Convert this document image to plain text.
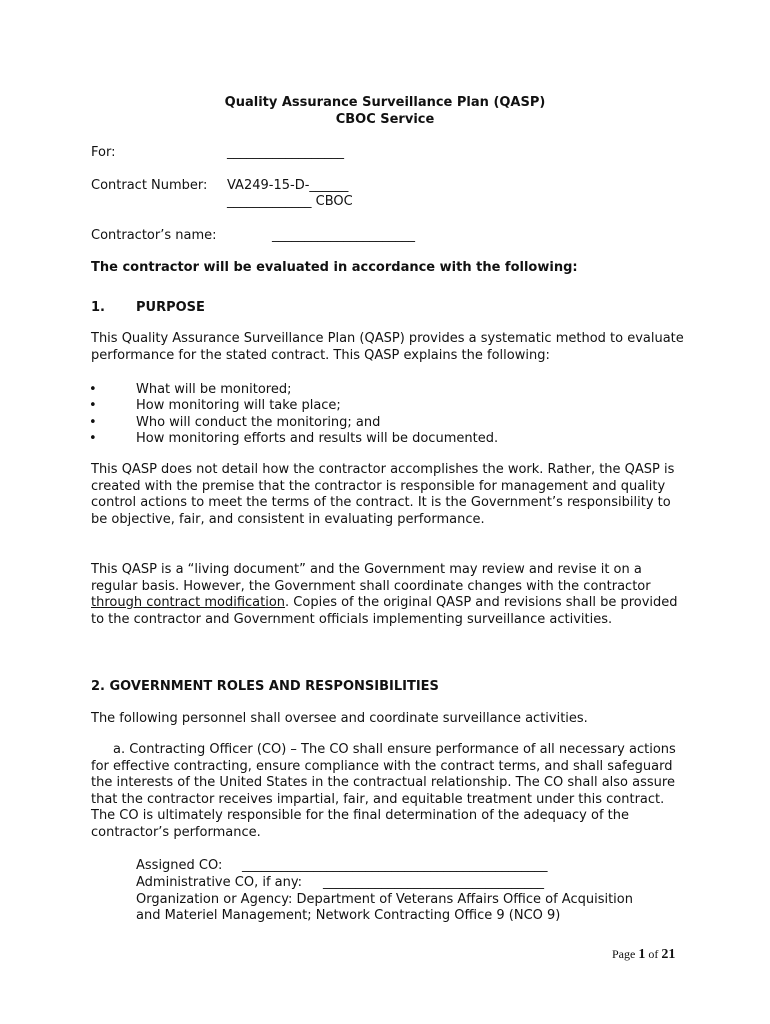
Quality Assurance Surveillance Plan (QASP)
CBOC Service
For:	__________________
Contract Number: VA249-15-D-______
_____________ CBOC
Contractor’s name:	______________________
The contractor will be evaluated in accordance with the following:
1. PURPOSE

This Quality Assurance Surveillance Plan (QASP) provides a systematic method to evaluate performance for the stated contract. This QASP explains the following:

•	What will be monitored;
•	How monitoring will take place;
•	Who will conduct the monitoring; and
•	How monitoring efforts and results will be documented.

This QASP does not detail how the contractor accomplishes the work. Rather, the QASP is created with the premise that the contractor is responsible for management and quality control actions to meet the terms of the contract. It is the Government’s responsibility to be objective, fair, and consistent in evaluating performance.

This QASP is a “living document” and the Government may review and revise it on a regular basis. However, the Government shall coordinate changes with the contractor through contract modification. Copies of the original QASP and revisions shall be provided to the contractor and Government officials implementing surveillance activities.

2. GOVERNMENT ROLES AND RESPONSIBILITIES
The following personnel shall oversee and coordinate surveillance activities.

a. Contracting Officer (CO) – The CO shall ensure performance of all necessary actions for effective contracting, ensure compliance with the contract terms, and shall safeguard the interests of the United States in the contractual relationship. The CO shall also assure that the contractor receives impartial, fair, and equitable treatment under this contract. The CO is ultimately responsible for the final determination of the adequacy of the contractor’s performance.

Assigned CO: _______________________________________________
Administrative CO, if any: __________________________________
Organization or Agency: Department of Veterans Affairs Office of Acquisition
and Materiel Management; Network Contracting Office 9 (NCO 9)
Page 1 of 21
